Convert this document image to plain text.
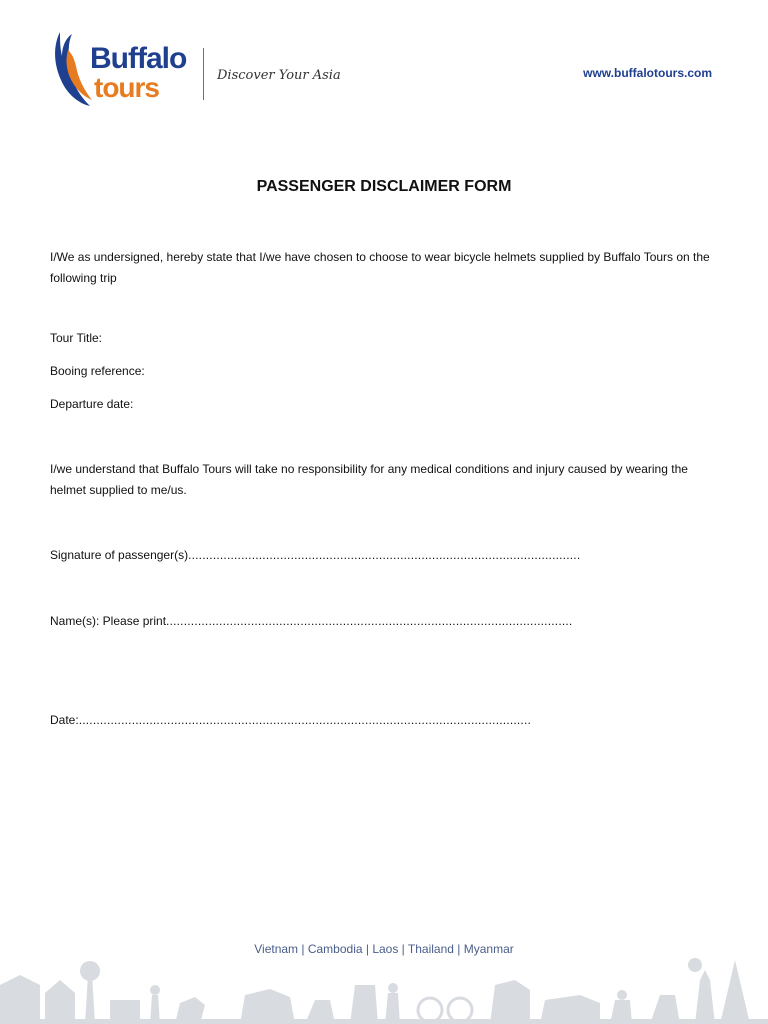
Buffalo
tours	Discover Your Asia	www.buffalotours.com
PASSENGER DISCLAIMER FORM
I/We as undersigned, hereby state that I/we have chosen to choose to wear bicycle helmets supplied by Buffalo Tours on the following trip
Tour Title:
Booing reference:
Departure date:
I/we understand that Buffalo Tours will take no responsibility for any medical conditions and injury caused by wearing the helmet supplied to me/us.
Signature of passenger(s)...............................................................................................................
Name(s): Please print...................................................................................................................
Date:................................................................................................................................
Vietnam | Cambodia | Laos | Thailand | Myanmar
